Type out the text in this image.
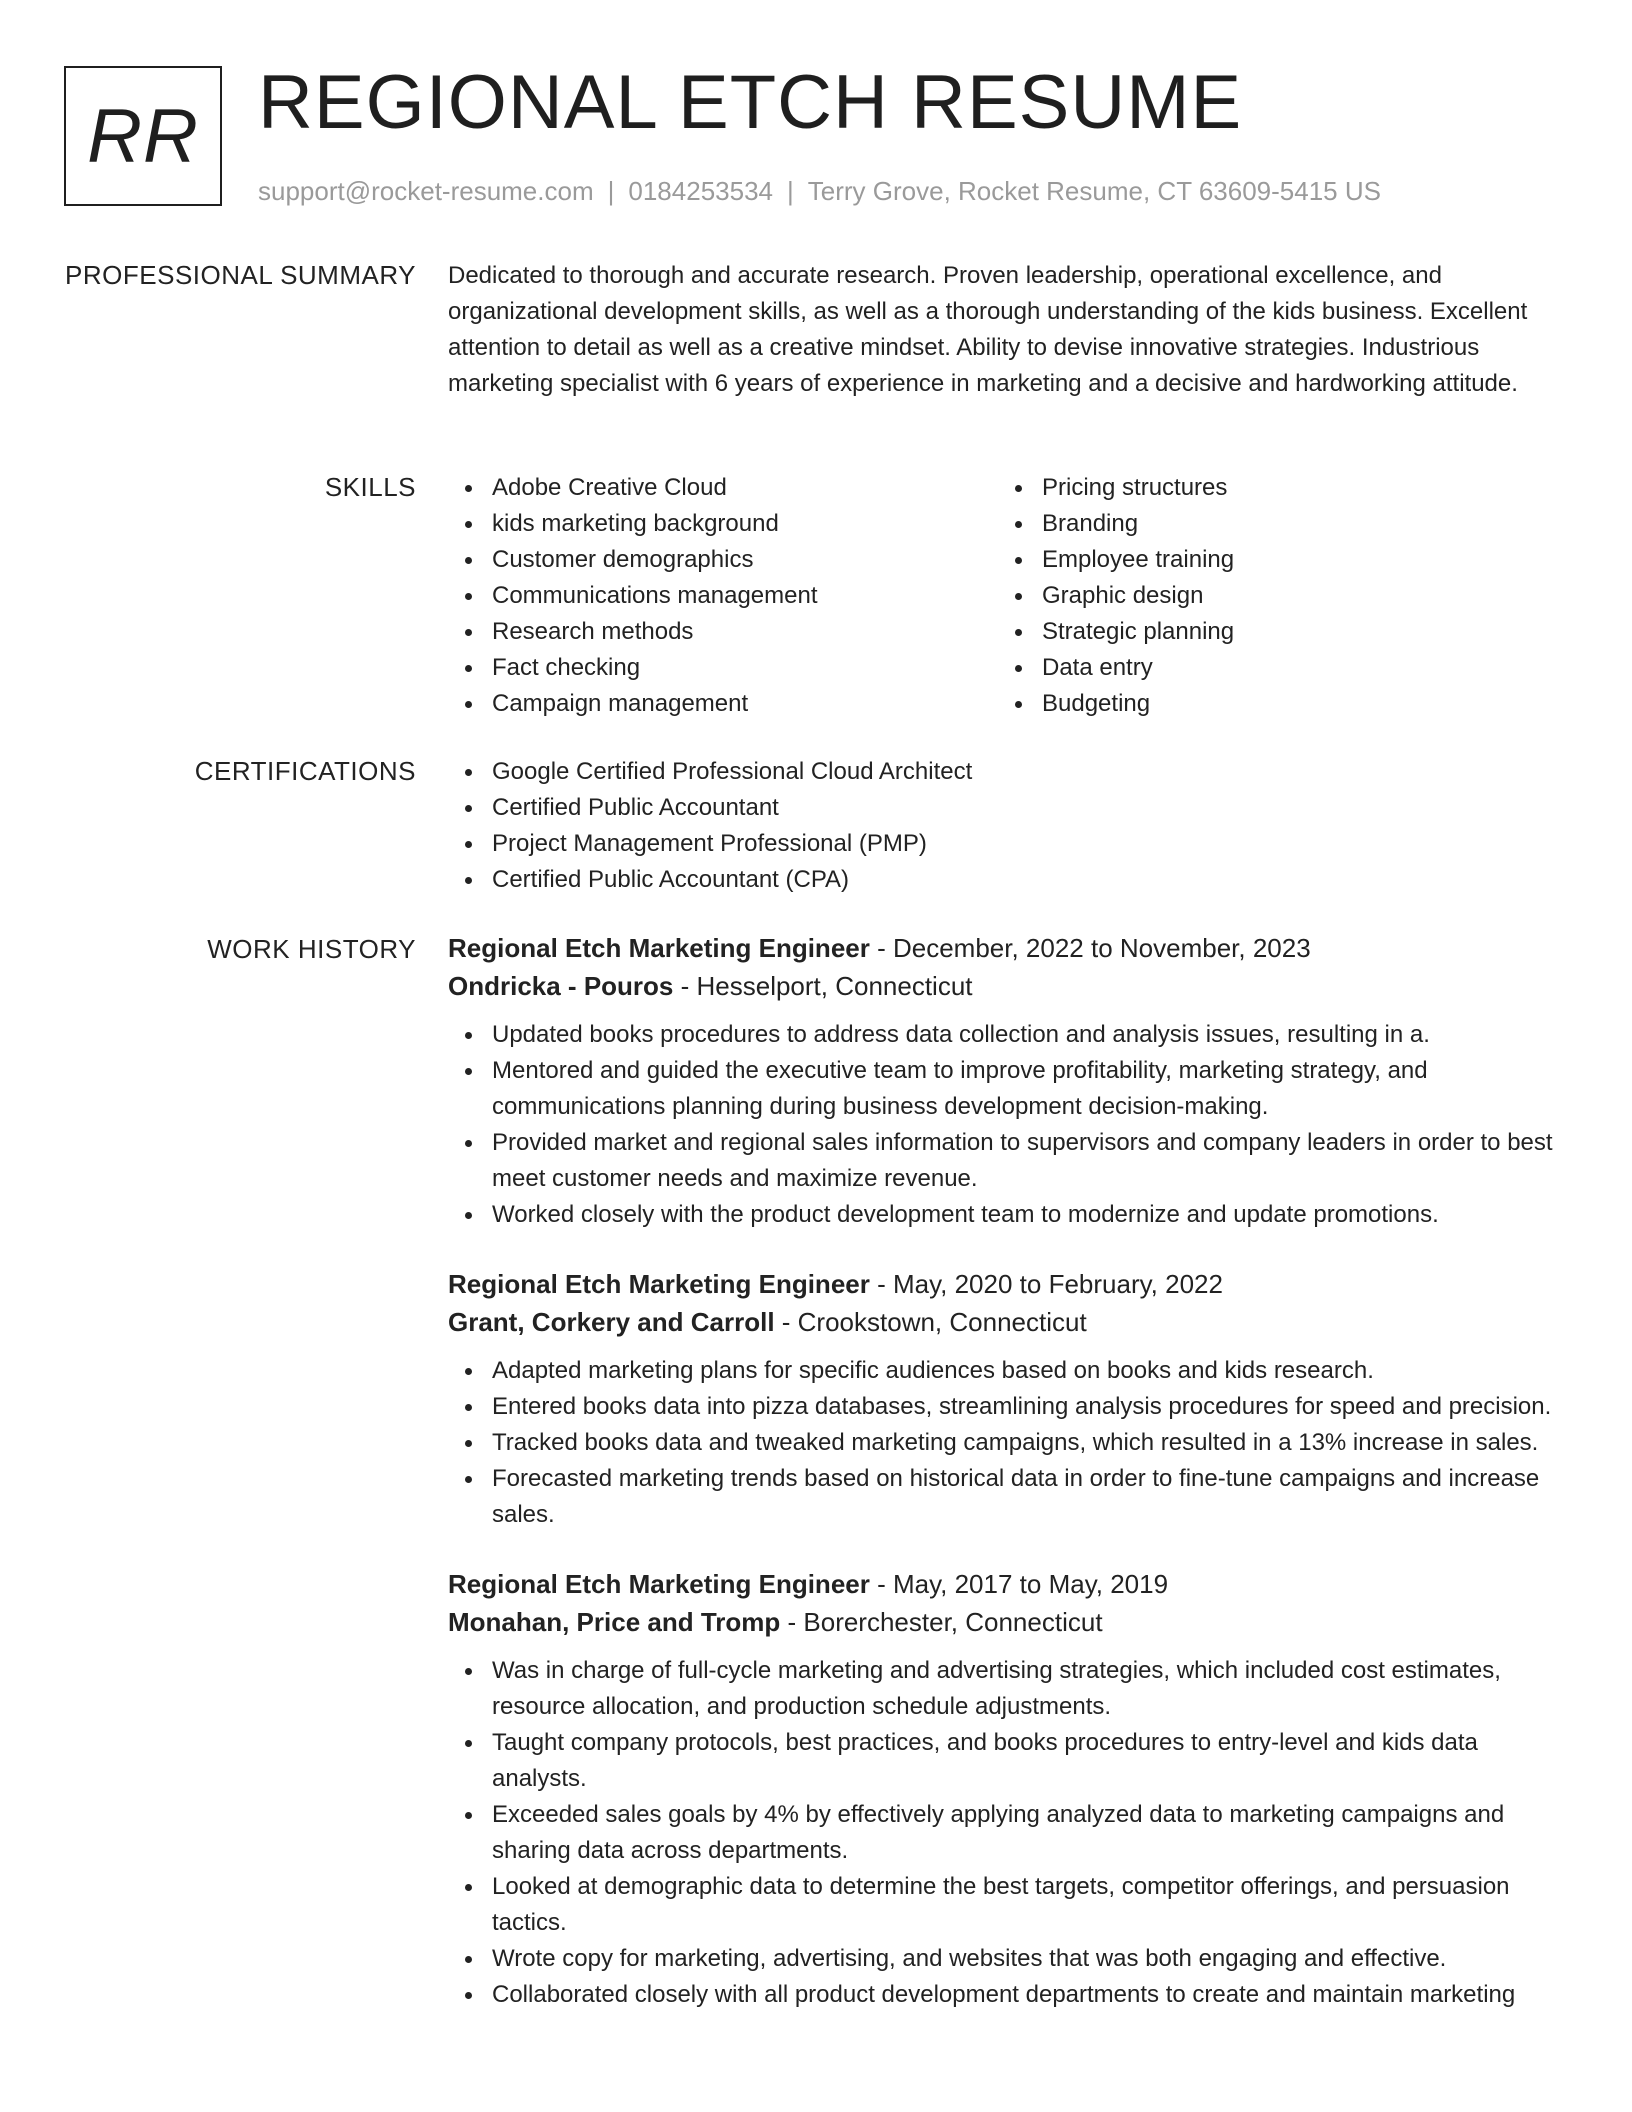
RR REGIONAL ETCH RESUME
support@rocket-resume.com | 0184253534 | Terry Grove, Rocket Resume, CT 63609-5415 US
PROFESSIONAL SUMMARY Dedicated to thorough and accurate research. Proven leadership, operational excellence, and organizational development skills, as well as a thorough understanding of the kids business. Excellent attention to detail as well as a creative mindset. Ability to devise innovative strategies. Industrious marketing specialist with 6 years of experience in marketing and a decisive and hardworking attitude.

SKILLS	Adobe Creative Cloud
kids marketing background
Customer demographics
Communications management
Research methods
Fact checking
Campaign management
Pricing structures
Branding
Employee training
Graphic design
Strategic planning
Data entry
Budgeting
CERTIFICATIONS	Google Certified Professional Cloud Architect
Certified Public Accountant
Project Management Professional (PMP)
Certified Public Accountant (CPA)
WORK HISTORY Regional Etch Marketing Engineer - December, 2022 to November, 2023
Ondricka - Pouros - Hesselport, Connecticut
Updated books procedures to address data collection and analysis issues, resulting in a.
Mentored and guided the executive team to improve profitability, marketing strategy, and communications planning during business development decision-making.
Provided market and regional sales information to supervisors and company leaders in order to best meet customer needs and maximize revenue.
Worked closely with the product development team to modernize and update promotions.
Regional Etch Marketing Engineer - May, 2020 to February, 2022
Grant, Corkery and Carroll - Crookstown, Connecticut
Adapted marketing plans for specific audiences based on books and kids research.
Entered books data into pizza databases, streamlining analysis procedures for speed and precision.
Tracked books data and tweaked marketing campaigns, which resulted in a 13% increase in sales.
Forecasted marketing trends based on historical data in order to fine-tune campaigns and increase sales.
Regional Etch Marketing Engineer - May, 2017 to May, 2019
Monahan, Price and Tromp - Borerchester, Connecticut
Was in charge of full-cycle marketing and advertising strategies, which included cost estimates, resource allocation, and production schedule adjustments.
Taught company protocols, best practices, and books procedures to entry-level and kids data analysts.
Exceeded sales goals by 4% by effectively applying analyzed data to marketing campaigns and sharing data across departments.
Looked at demographic data to determine the best targets, competitor offerings, and persuasion tactics.
Wrote copy for marketing, advertising, and websites that was both engaging and effective.
Collaborated closely with all product development departments to create and maintain marketing
